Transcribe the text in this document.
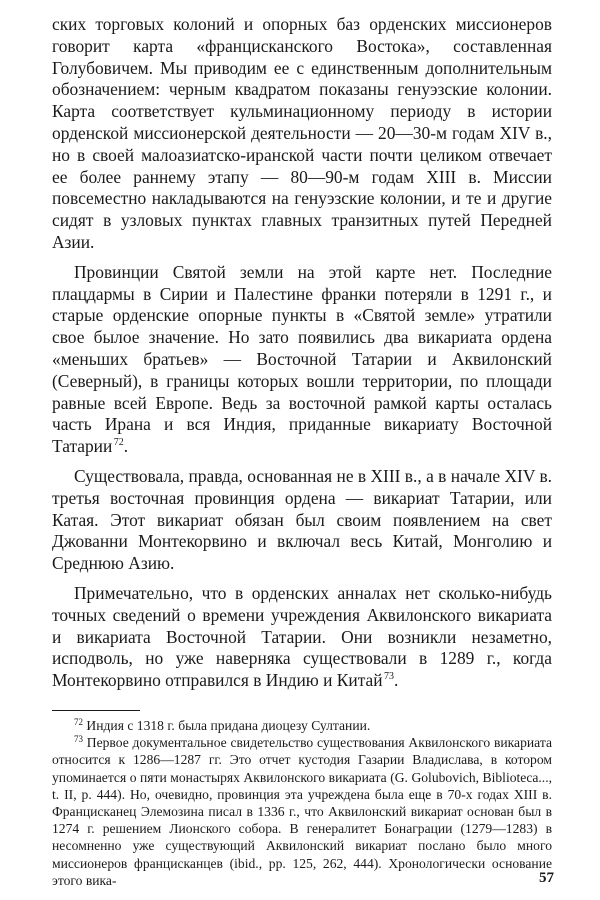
ских торговых колоний и опорных баз орденских миссионеров говорит карта «францисканского Востока», составленная Голубовичем. Мы приводим ее с единственным дополнительным обозначением: черным квадратом показаны генуэзские колонии. Карта соответствует кульминационному периоду в истории орденской миссионерской деятельности — 20—30-м годам XIV в., но в своей малоазиатско-иранской части почти целиком отвечает ее более раннему этапу — 80—90-м годам XIII в. Миссии повсеместно накладываются на генуэзские колонии, и те и другие сидят в узловых пунктах главных транзитных путей Передней Азии.

Провинции Святой земли на этой карте нет. Последние плацдармы в Сирии и Палестине франки потеряли в 1291 г., и старые орденские опорные пункты в «Святой земле» утратили свое былое значение. Но зато появились два викариата ордена «меньших братьев» — Восточной Татарии и Аквилонский (Северный), в границы которых вошли территории, по площади равные всей Европе. Ведь за восточной рамкой карты осталась часть Ирана и вся Индия, приданные викариату Восточной Татарии $^{72}$.

Существовала, правда, основанная не в XIII в., а в начале XIV в. третья восточная провинция ордена — викариат Татарии, или Катая. Этот викариат обязан был своим появлением на свет Джованни Монтекорвино и включал весь Китай, Монголию и Среднюю Азию.

Примечательно, что в орденских анналах нет сколько-нибудь точных сведений о времени учреждения Аквилонского викариата и викариата Восточной Татарии. Они возникли незаметно, исподволь, но уже наверняка существовали в 1289 г., когда Монтекорвино отправился в Индию и Китай $^{73}$.

$^{72}$ Индия с 1318 г. была придана диоцезу Султании.

$^{73}$ Первое документальное свидетельство существования Аквилонского викариата относится к 1286—1287 гг. Это отчет кустодия Газарии Владислава, в котором упоминается о пяти монастырях Аквилонского викариата (G. Golubovich, Biblioteca..., t. II, p. 444). Но, очевидно, провинция эта учреждена была еще в 70-х годах XIII в. Францисканец Элемозина писал в 1336 г., что Аквилонский викариат основан был в 1274 г. решением Лионского собора. В генералитет Бонаграции (1279—1283) в несомненно уже существующий Аквилонский викариат послано было много миссионеров францисканцев (ibid., pp. 125, 262, 444). Хронологически основание этого вика-	57
